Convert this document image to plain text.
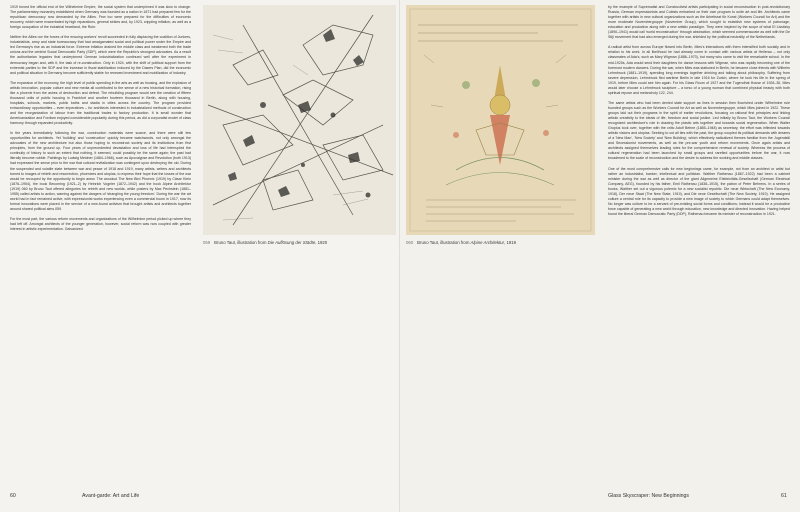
1919 forced the official end of the Wilhelmine Empire, the social system that underpinned it was slow to change. The parliamentary monarchy established when Germany was founded as a nation in 1871 had prepared few for the republican democracy now demanded by the Allies. Few too were prepared for the difficulties of economic recovery, which were exacerbated by high reparations, general strikes and, by 1923, crippling inflation, as well as a foreign occupation of the industrial heartland, the Ruhr.

Neither the Allies nor the forces of the ensuing workers' revolt succeeded in fully displacing the coalition of Junkers, industrialists, army and state bureaucracy that had amalgamated social and political power under the Empire and led Germany's rise as an industrial force. Extreme inflation drained the middle class and weakened both the trade unions and the centrist Social Democratic Party (SDP), which were the Republic's strongest advocates. As a result the authoritarian legacies that underpinned German industrialization continued well after the experiment in democracy began and, with it, the task of re-construction. Only in 1924, with the shift of political support from the extremist parties to the SDP and the increase in fiscal stabilization induced by the Dawes Plan, did the economic and political situation in Germany become sufficiently stable for renewed investment and mobilization of industry.

The expansion of the economy, the high level of public spending in the arts as well as housing, and the explosion of artistic innovation, popular culture and new media all contributed to the sense of a new historical formation, rising like a phoenix from the ashes of destruction and defeat. The rebuilding program would see the creation of fifteen thousand units of public housing in Frankfurt and another fourteen thousand in Berlin, along with housing, hospitals, schools, markets, public baths and stadia in cities across the country. The program provided extraordinary opportunities – even imperatives – for architects interested in industrialized methods of construction and the reorganization of labour from the traditional trades to factory production. It is small wonder that Americanization and Fordism enjoyed considerable popularity during this period, as did a corporatist model of class harmony through expanded productivity.

In the years immediately following the war, construction materials were scarce, and there were still few opportunities for architects. Yet 'building' and 'construction' quickly became watchwords, not only amongst the advocates of the new architecture but also those hoping to reconstruct society and its institutions from first principles, from the ground up. Four years of unprecedented devastation and loss of life had interrupted the continuity of history to such an extent that nothing, it seemed, could possibly be the same again; the past had literally become rubble. Paintings by Ludwig Meidner (1884–1966), such as Apocalypse and Revolution (both 1913) had expressed the sense prior to the war that cultural revitalization was contingent upon destroying the old. During the suspended and volatile state between war and peace of 1918 and 1919, many artists, writers and architects turned to images of rebirth and resurrection, phoenixes and utopias, to express their hope that the losses of the war would be recouped by the opportunity to begin anew. The woodcut The New Bird Phoenix (1919) by Cäsar Klein (1876–1954), the book Becoming (1921–2) by Heinrich Vogeler (1872–1942) and the book Alpine Architektur (1919) 060 by Bruno Taut offered allegories for rebirth and new worlds, while posters by Max Pechstein (1881–1955) called artists to action, warning against the dangers of 'strangling the young freedom'. During the war the art world had in fact remained active, with expressionist works experiencing even a commercial boom in 1917, now its formal innovations were placed in the service of a new-found activism that brought artists and architects together around shared political aims 059.

For the most part, the various reform movements and organizations of the Wilhelmine period picked up where they had left off. Amongst architects of the younger generation, however, social reform was now coupled with greater interest in artistic experimentation. Galvanized

059 Bruno Taut, illustration from Die Auflösung der Städte, 1920
60	Avant-garde: Art and Life
060 Bruno Taut, illustration from Alpine Architektur, 1919

by the example of Suprematist and Constructivist artists participating in social reconstruction in post-revolutionary Russia, German expressionists and Cubists embarked on their own program to unite art and life. Architects came together with artists in new cultural organizations such as the Arbeitsrat für Kunst (Workers Council for Art) and the more moderate Novembergruppe (November Group), which sought to establish new systems of patronage, education and production along with a new artistic paradigm. They were inspired by the scope of what El Lissitzky (1890–1941) would call 'world reconstruction' through abstraction, which seemed commensurate as well with the De Stijl movement that had also emerged during the war, shielded by the political neutrality of the Netherlands.

A radical artist from across Europe flowed into Berlin, Mies's interactions with them intensified both socially and in relation to his work. In all likelihood he had already come in contact with various artists at Hellerau – not only classmates of Ada's, such as Mary Wigman (1886–1973), but many who came to visit the remarkable school. In the mid-1920s, Ada would send their daughters for dance lessons with Wigman, who was rapidly becoming one of the foremost modern dancers. During the war, when Mies was stationed in Berlin, he became close friends with Wilhelm Lehmbruck (1881–1919), spending long evenings together drinking and talking about philosophy. Suffering from severe depression, Lehmbruck fled wartime Berlin in late 1916 for Zurich, where he took his life in the spring of 1919, before Mies could see him again. For his Glass Room of 1927 and the Tugendhat House of 1928–30, Mies would later choose a Lehmbruck sculpture – a torso of a young woman that combined physical beauty with both spiritual repose and melancholy 122, 244.

The same artists who had been denied state support as lines in session then flourished under Wilhelmine rule founded groups such as the Workers Council for Art as well as Novembergruppe, which Mies joined in 1922. These groups laid out their programs in the spirit of earlier revolutions, focusing on rational first principles and linking artistic creativity to the ideals of life, freedom and social justice. Led initially by Bruno Taut, the Workers Council recognized architecture's role in drawing the plastic arts together and towards social regeneration. When Walter Gropius took over, together with the critic Adolf Behne (1885–1948) as secretary, the effort was inflected towards artistic visions and utopias. Seeking to cut all ties with the past, the group coupled its political demands with dreams of a 'New Man', 'New Society' and 'New Building', which effectively radicalized themes familiar from the Jugendstil and Secessionist movements, as well as the pre-war youth and reform movements. Once again artists and architects assigned themselves leading roles for the comprehensive renewal of society. Whereas the process of cultural regeneration had been launched by small groups and rarefied opportunities before the war, it now broadened to the scale of reconstruction and the desire to address the working and middle classes.

One of the most comprehensive calls for new beginnings came, for example, not from an architect or artist but rather an industrialist, banker, intellectual and politician. Walther Rathenau (1867–1922) had been a cabinet minister during the war as well as director of the giant Allgemeine Elektricitäts-Gesellschaft (German Electrical Company, AEG), founded by his father, Emil Rathenau (1838–1915), the patron of Peter Behrens. In a series of books, Walther set out a vigorous polemic for a new socialist republic: Die neue Wirtschaft (The New Economy, 1918), Der neue Staat (The New State, 1919), and Die neue Gesellschaft (The New Society, 1919). He assigned culture a central role for its capacity to provide a new image of society to which Germans could adapt themselves. No longer was culture to be a servant of pre-existing social forms and conditions; instead it would be a productive force capable of generating a new world through education, new knowledge and directed innovation. Having helped found the liberal German Democratic Party (DDP), Rathenau became its minister of reconstruction in 1921.

Glass Skyscraper: New Beginnings	61
